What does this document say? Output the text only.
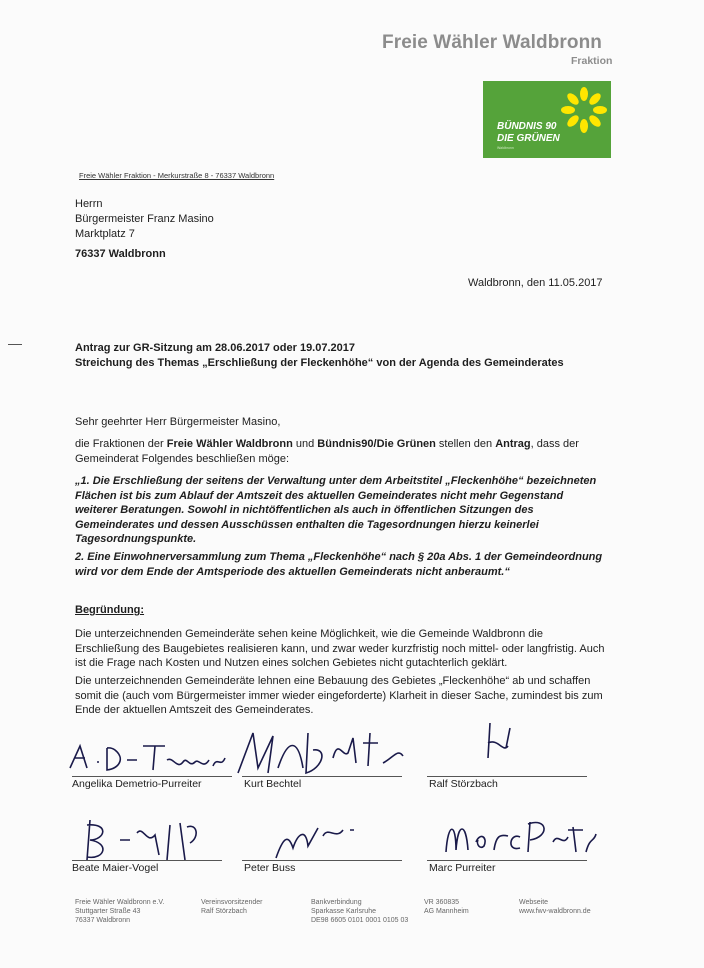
Freie Wähler Waldbronn
Fraktion
BÜNDNIS 90
DIE GRÜNEN
Waldbronn
Freie Wähler Fraktion - Merkurstraße 8 - 76337 Waldbronn
Herrn
Bürgermeister Franz Masino
Marktplatz 7
76337 Waldbronn
Waldbronn, den 11.05.2017
Antrag zur GR-Sitzung am 28.06.2017 oder 19.07.2017
Streichung des Themas „Erschließung der Fleckenhöhe“ von der Agenda des Gemeinderates
Sehr geehrter Herr Bürgermeister Masino,
die Fraktionen der Freie Wähler Waldbronn und Bündnis90/Die Grünen stellen den Antrag, dass der
Gemeinderat Folgendes beschließen möge:
„1. Die Erschließung der seitens der Verwaltung unter dem Arbeitstitel „Fleckenhöhe“ bezeichneten
Flächen ist bis zum Ablauf der Amtszeit des aktuellen Gemeinderates nicht mehr Gegenstand
weiterer Beratungen. Sowohl in nichtöffentlichen als auch in öffentlichen Sitzungen des
Gemeinderates und dessen Ausschüssen enthalten die Tagesordnungen hierzu keinerlei
Tagesordnungspunkte.
2. Eine Einwohnerversammlung zum Thema „Fleckenhöhe“ nach § 20a Abs. 1 der Gemeindeordnung
wird vor dem Ende der Amtsperiode des aktuellen Gemeinderats nicht anberaumt.“
Begründung:
Die unterzeichnenden Gemeinderäte sehen keine Möglichkeit, wie die Gemeinde Waldbronn die
Erschließung des Baugebietes realisieren kann, und zwar weder kurzfristig noch mittel- oder langfristig. Auch
ist die Frage nach Kosten und Nutzen eines solchen Gebietes nicht gutachterlich geklärt.
Die unterzeichnenden Gemeinderäte lehnen eine Bebauung des Gebietes „Fleckenhöhe“ ab und schaffen
somit die (auch vom Bürgermeister immer wieder eingeforderte) Klarheit in dieser Sache, zumindest bis zum
Ende der aktuellen Amtszeit des Gemeinderates.
Angelika Demetrio-Purreiter	Kurt Bechtel	Ralf Störzbach
Beate Maier-Vogel	Peter Buss	Marc Purreiter
Freie Wähler Waldbronn e.V.
Stuttgarter Straße 43
76337 Waldbronn
Vereinsvorsitzender
Ralf Störzbach
Bankverbindung
Sparkasse Karlsruhe
DE98 6605 0101 0001 0105 03
VR 360835
AG Mannheim
Webseite
www.fwv-waldbronn.de
